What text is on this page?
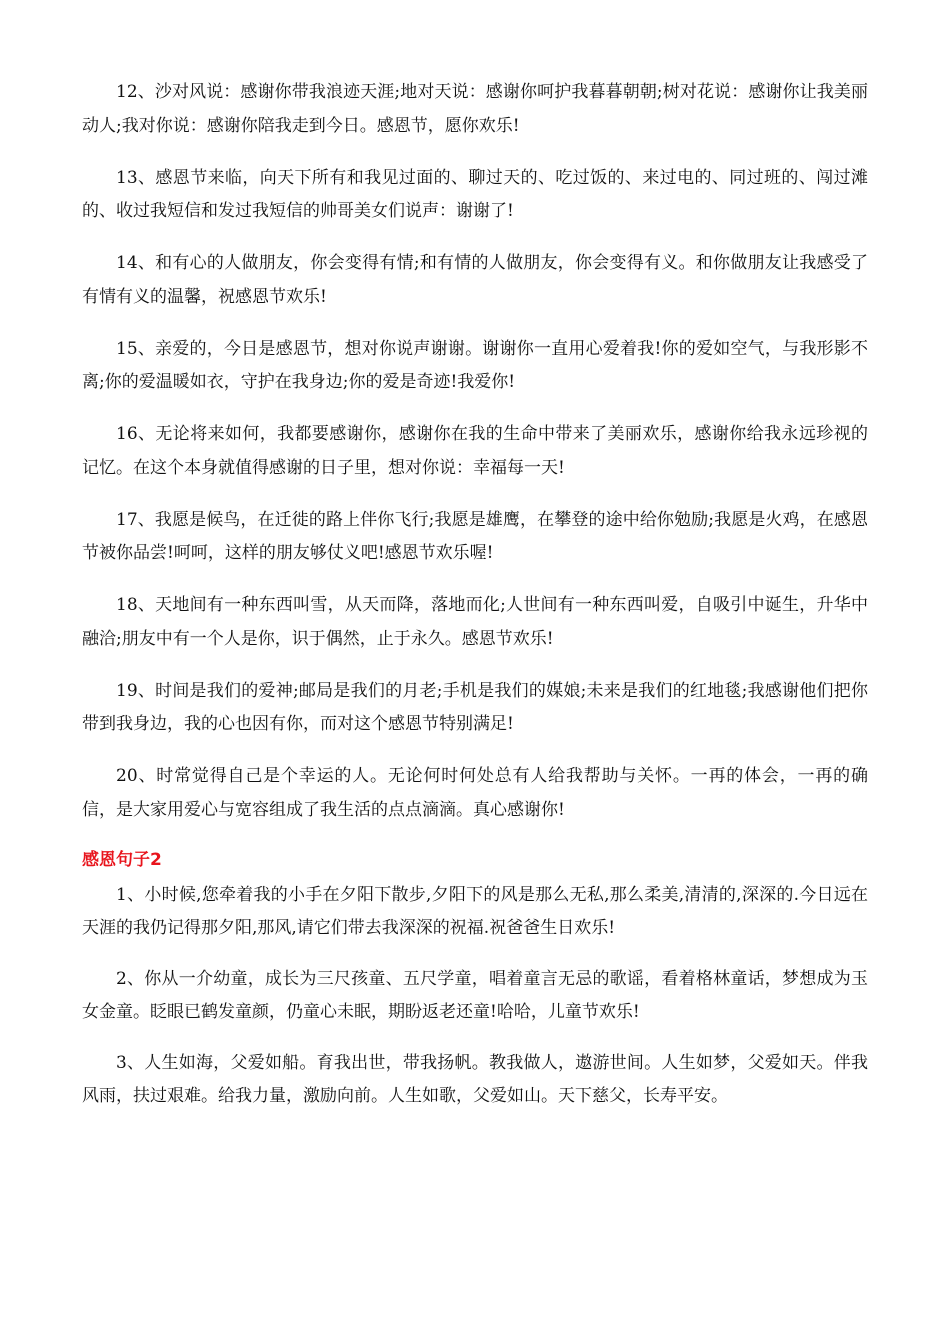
12、沙对风说：感谢你带我浪迹天涯;地对天说：感谢你呵护我暮暮朝朝;树对花说：感谢你让我美丽动人;我对你说：感谢你陪我走到今日。感恩节，愿你欢乐!

13、感恩节来临，向天下所有和我见过面的、聊过天的、吃过饭的、来过电的、同过班的、闯过滩的、收过我短信和发过我短信的帅哥美女们说声：谢谢了!

14、和有心的人做朋友，你会变得有情;和有情的人做朋友，你会变得有义。和你做朋友让我感受了有情有义的温馨，祝感恩节欢乐!

15、亲爱的，今日是感恩节，想对你说声谢谢。谢谢你一直用心爱着我!你的爱如空气，与我形影不离;你的爱温暖如衣，守护在我身边;你的爱是奇迹!我爱你!

16、无论将来如何，我都要感谢你，感谢你在我的生命中带来了美丽欢乐，感谢你给我永远珍视的记忆。在这个本身就值得感谢的日子里，想对你说：幸福每一天!

17、我愿是候鸟，在迁徙的路上伴你飞行;我愿是雄鹰，在攀登的途中给你勉励;我愿是火鸡，在感恩节被你品尝!呵呵，这样的朋友够仗义吧!感恩节欢乐喔!

18、天地间有一种东西叫雪，从天而降，落地而化;人世间有一种东西叫爱，自吸引中诞生，升华中融洽;朋友中有一个人是你，识于偶然，止于永久。感恩节欢乐!

19、时间是我们的爱神;邮局是我们的月老;手机是我们的媒娘;未来是我们的红地毯;我感谢他们把你带到我身边，我的心也因有你，而对这个感恩节特别满足!

20、时常觉得自己是个幸运的人。无论何时何处总有人给我帮助与关怀。一再的体会，一再的确信，是大家用爱心与宽容组成了我生活的点点滴滴。真心感谢你!

感恩句子2

1、小时候,您牵着我的小手在夕阳下散步,夕阳下的风是那么无私,那么柔美,清清的,深深的.今日远在天涯的我仍记得那夕阳,那风,请它们带去我深深的祝福.祝爸爸生日欢乐!

2、你从一介幼童，成长为三尺孩童、五尺学童，唱着童言无忌的歌谣，看着格林童话，梦想成为玉女金童。眨眼已鹤发童颜，仍童心未眠，期盼返老还童!哈哈，儿童节欢乐!

3、人生如海，父爱如船。育我出世，带我扬帆。教我做人，遨游世间。人生如梦，父爱如天。伴我风雨，扶过艰难。给我力量，激励向前。人生如歌，父爱如山。天下慈父，长寿平安。
